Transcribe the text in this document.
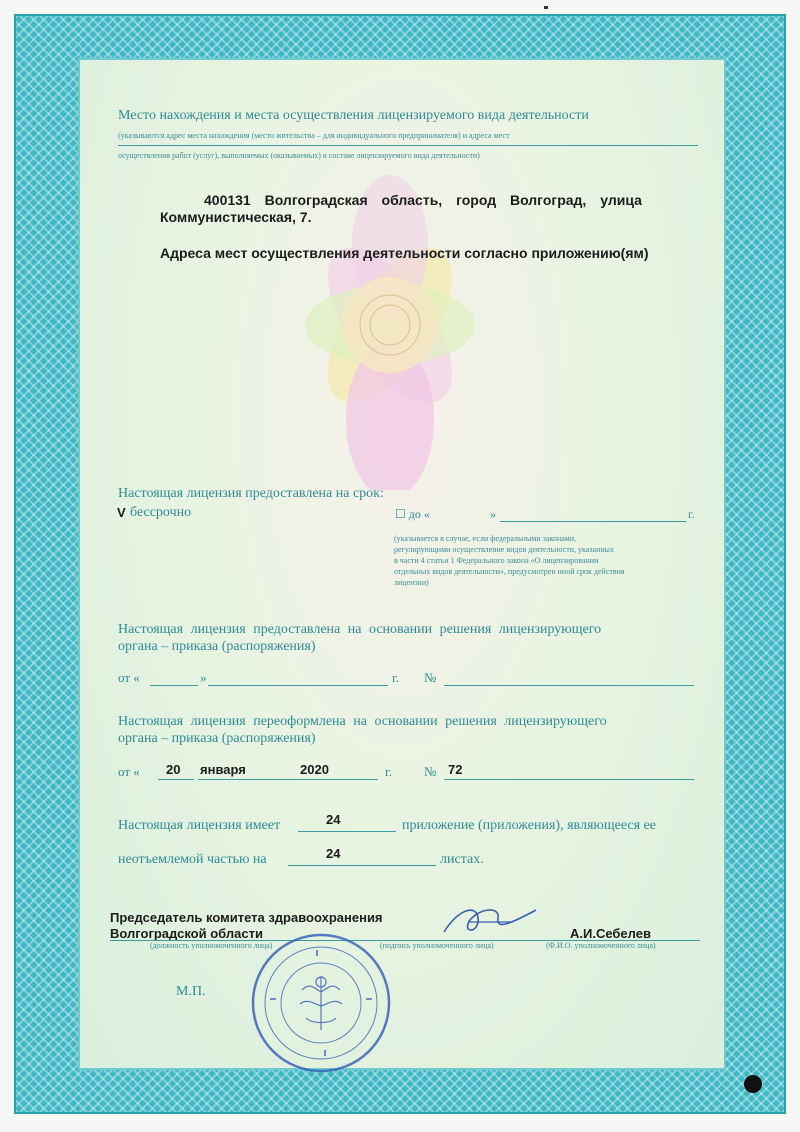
Место нахождения и места осуществления лицензируемого вида деятельности
(указываются адрес места нахождения (место жительства – для индивидуального предпринимателя) и адреса мест
осуществления работ (услуг), выполняемых (оказываемых) в составе лицензируемого вида деятельности)
400131 Волгоградская область, город Волгоград, улица
Коммунистическая, 7.
Адреса мест осуществления деятельности согласно приложению(ям)
Настоящая лицензия предоставлена на срок:
V бессрочно	☐ до «	»	г.
(указывается в случае, если федеральными законами,
регулирующими осуществление видов деятельности, указанных
в части 4 статьи 1 Федерального закона «О лицензировании
отдельных видов деятельности», предусмотрен иной срок действия
лицензии)
Настоящая лицензия предоставлена на основании решения лицензирующего
органа – приказа (распоряжения)
от «	»	г. №
Настоящая лицензия переоформлена на основании решения лицензирующего
органа – приказа (распоряжения)
от « 20 января	2020	г. № 72
Настоящая лицензия имеет	24	приложение (приложения), являющееся ее
неотъемлемой частью на	24	листах.
Председатель комитета здравоохранения
Волгоградской области	А.И.Себелев
(должность уполномоченного лица)	(подпись уполномоченного лица)	(Ф.И.О. уполномоченного лица)
М.П.
